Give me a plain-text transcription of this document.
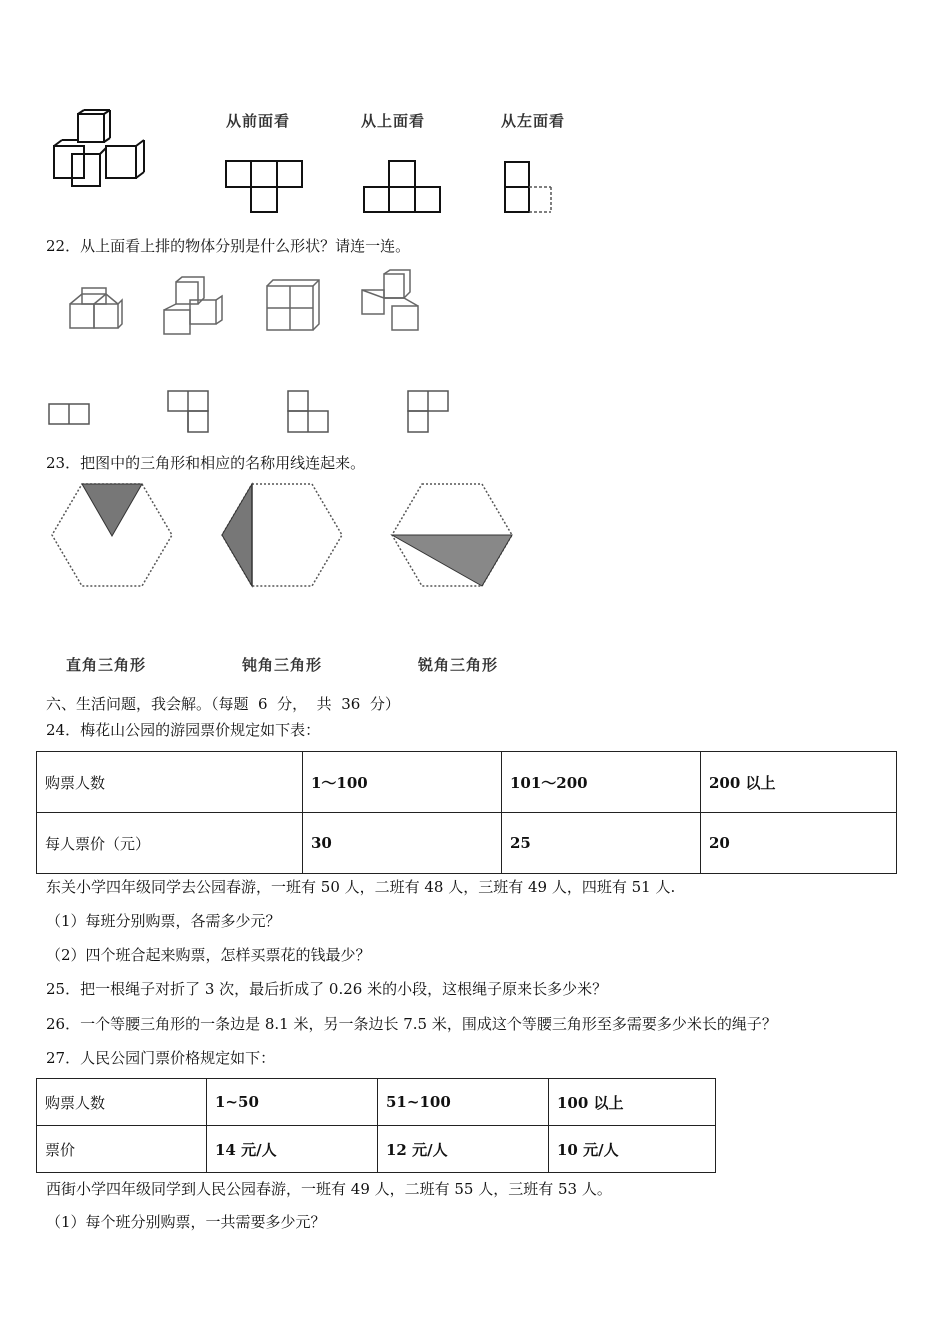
从前面看	从上面看	从左面看
22．从上面看上排的物体分别是什么形状？请连一连。
23．把图中的三角形和相应的名称用线连起来。
直角三角形	钝角三角形	锐角三角形
六、生活问题，我会解。（每题  6  分，  共  36  分）
24．梅花山公园的游园票价规定如下表：
购票人数	1～100	101～200	200 以上
每人票价（元）	30	25	20
东关小学四年级同学去公园春游，一班有 50 人，二班有 48 人，三班有 49 人，四班有 51 人.
（1）每班分别购票，各需多少元？
（2）四个班合起来购票，怎样买票花的钱最少？
25．把一根绳子对折了 3 次，最后折成了 0.26 米的小段，这根绳子原来长多少米？
26．一个等腰三角形的一条边是 8.1 米，另一条边长 7.5 米，围成这个等腰三角形至多需要多少米长的绳子？
27．人民公园门票价格规定如下：
购票人数	1~50	51~100	100 以上
票价	14 元/人	12 元/人	10 元/人
西街小学四年级同学到人民公园春游，一班有 49 人，二班有 55 人，三班有 53 人。
（1）每个班分别购票，一共需要多少元？
